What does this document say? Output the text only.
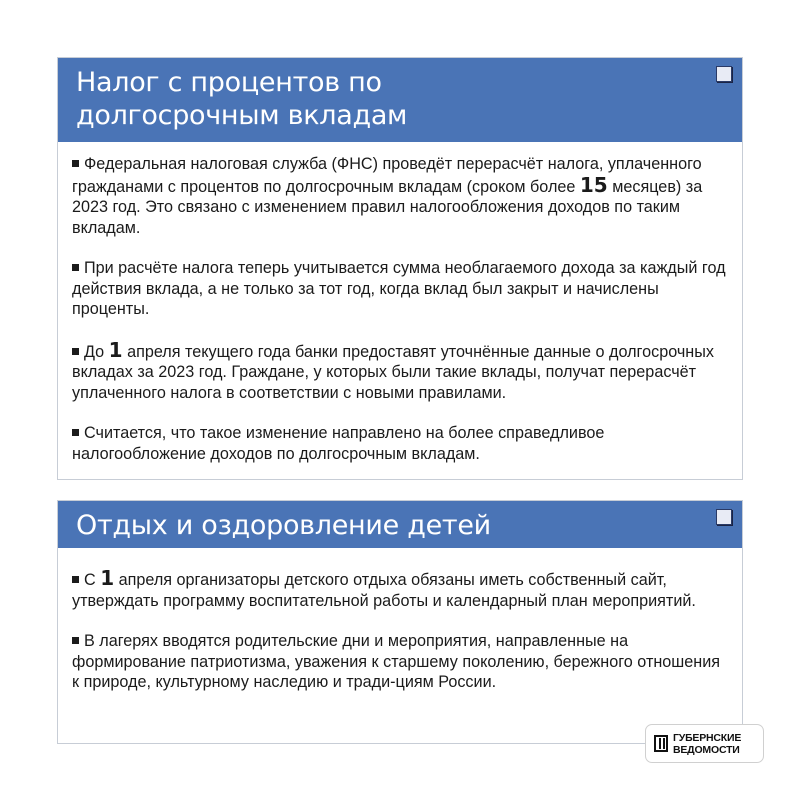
Налог с процентов по
долгосрочным вкладам

Федеральная налоговая служба (ФНС) проведёт перерасчёт налога, уплаченного гражданами с процентов по долгосрочным вкладам (сроком более 15 месяцев) за 2023 год. Это связано с изменением правил налогообложения доходов по таким вкладам.

При расчёте налога теперь учитывается сумма необлагаемого дохода за каждый год действия вклада, а не только за тот год, когда вклад был закрыт и начислены проценты.

До 1 апреля текущего года банки предоставят уточнённые данные о долгосрочных вкладах за 2023 год. Граждане, у которых были такие вклады, получат перерасчёт уплаченного налога в соответствии с новыми правилами.

Считается, что такое изменение направлено на более справедливое налогообложение доходов по долгосрочным вкладам.

Отдых и оздоровление детей

С 1 апреля организаторы детского отдыха обязаны иметь собственный сайт, утверждать программу воспитательной работы и календарный план мероприятий.

В лагерях вводятся родительские дни и мероприятия, направленные на формирование патриотизма, уважения к старшему поколению, бережного отношения к природе, культурному наследию и тради-циям России.

ГУБЕРНСКИЕ
ВЕДОМОСТИ
